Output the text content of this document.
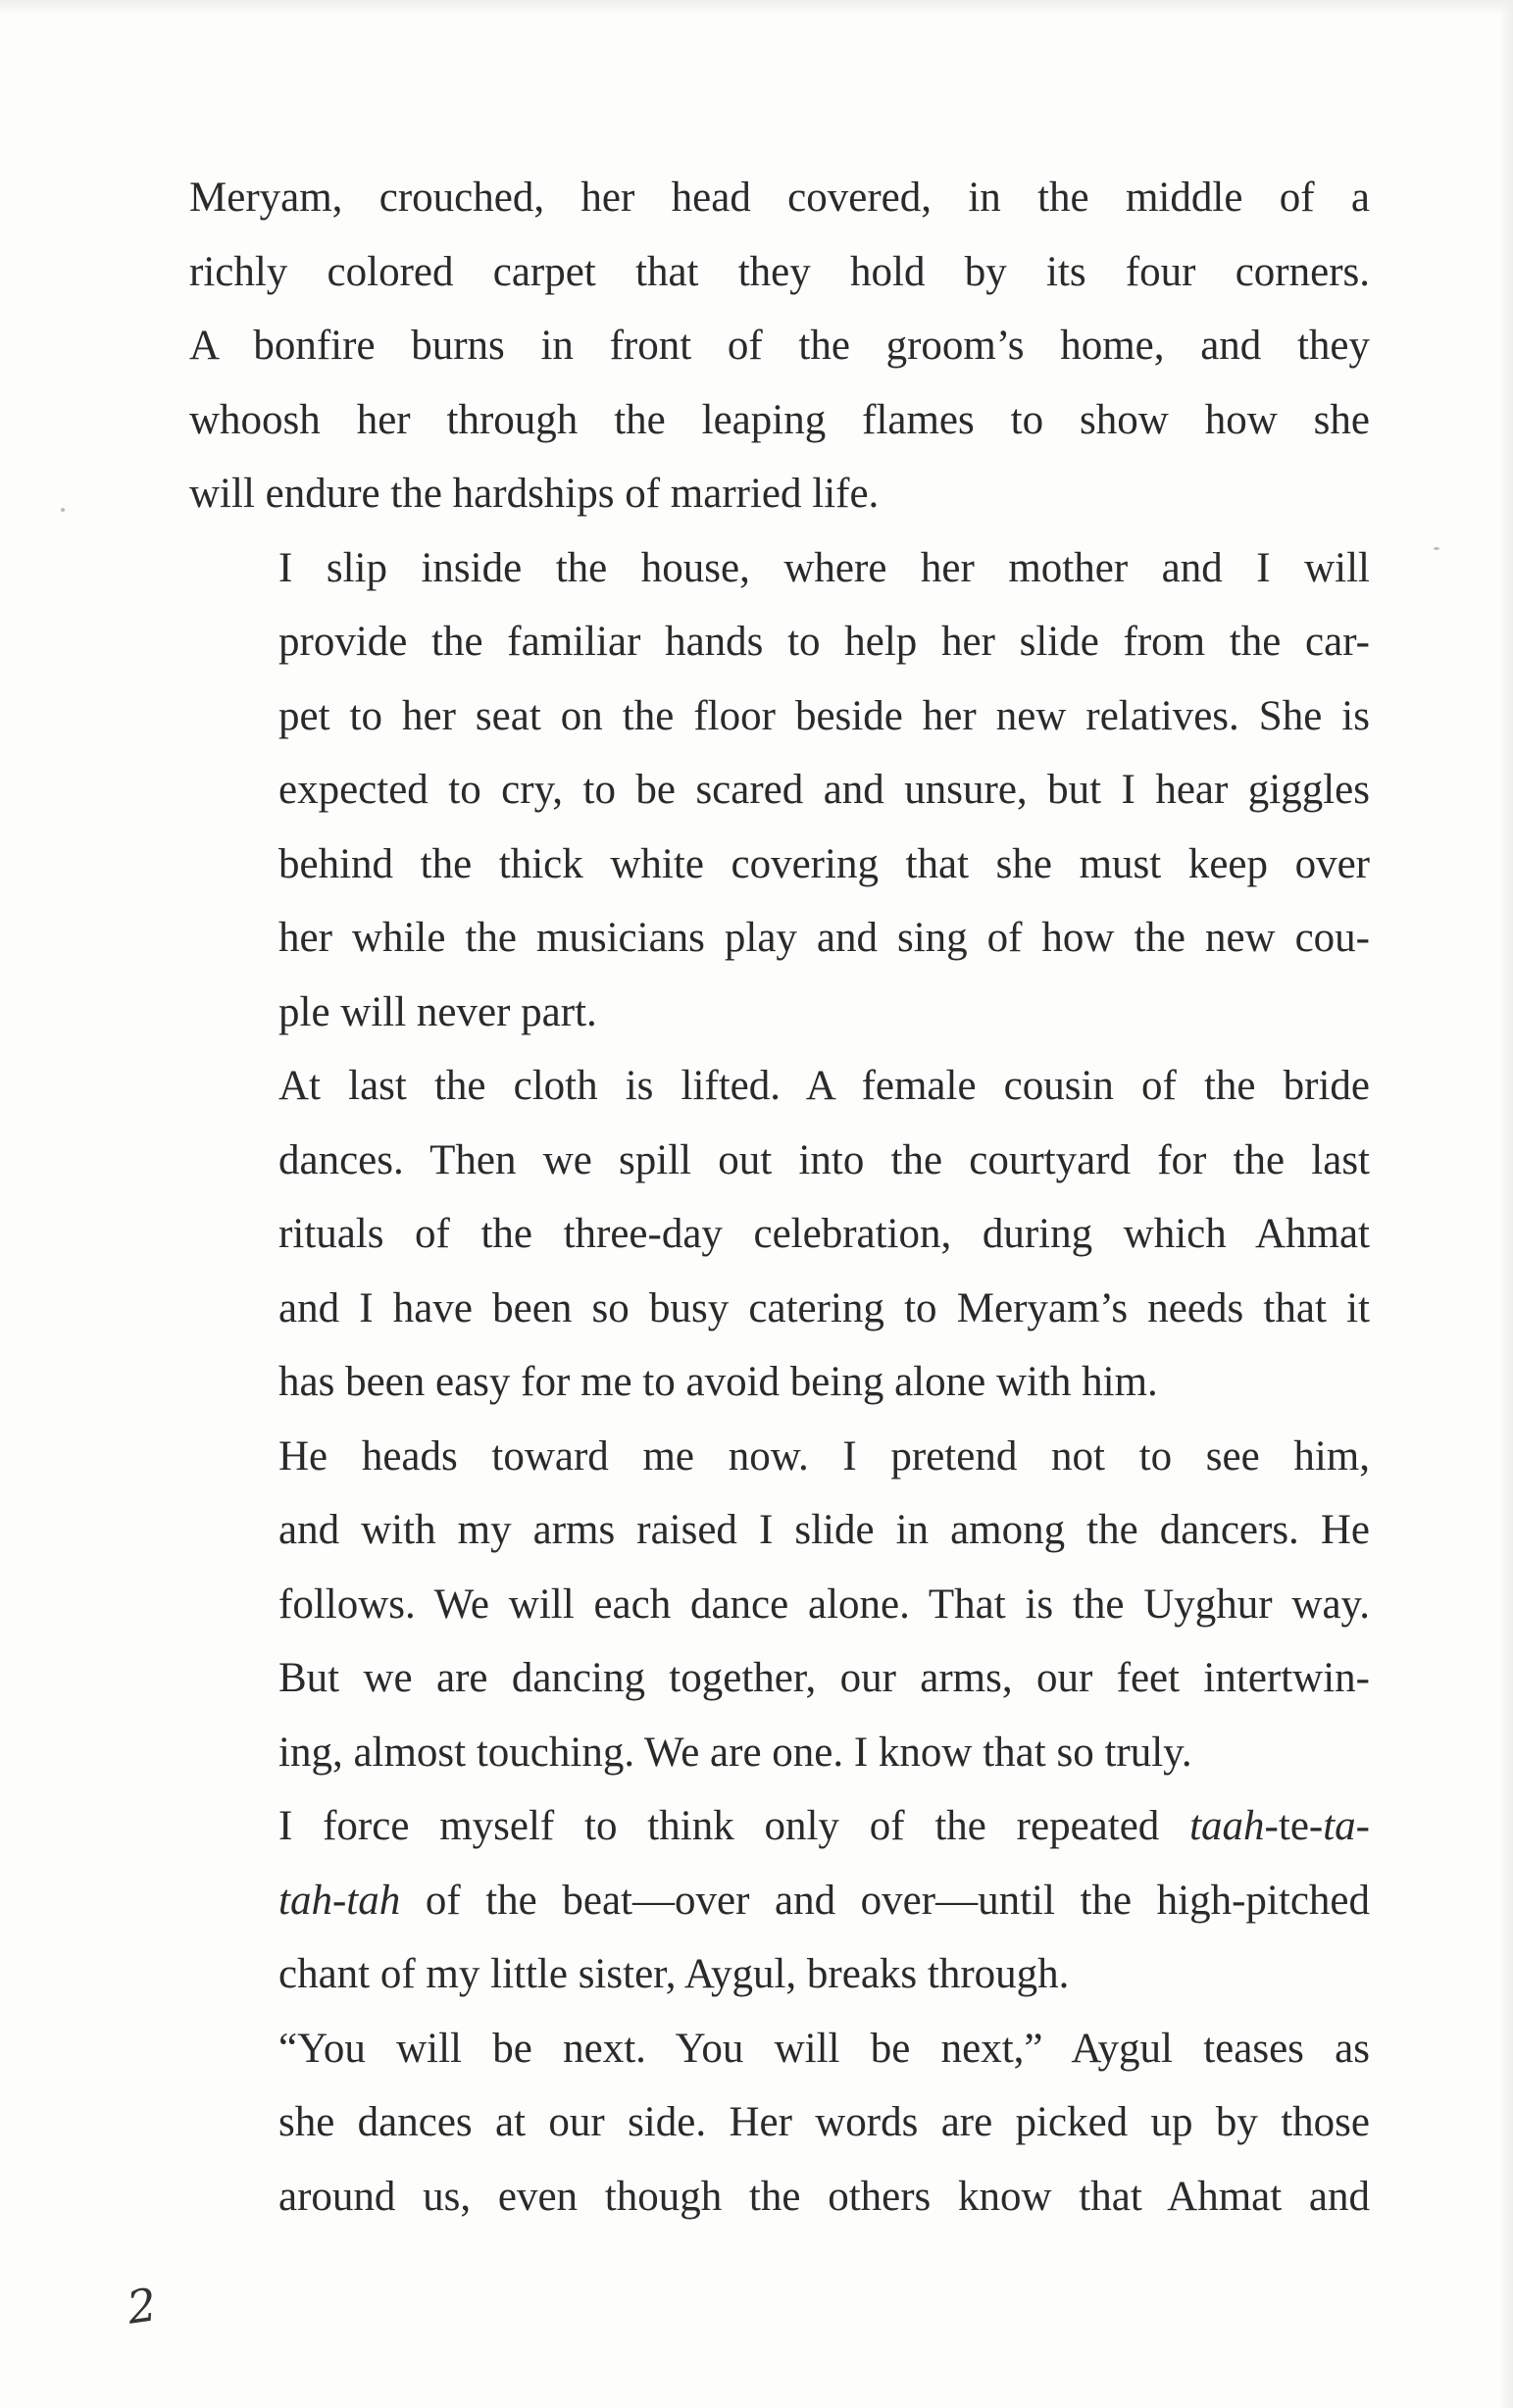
Meryam, crouched, her head covered, in the middle of a
richly colored carpet that they hold by its four corners.
A bonfire burns in front of the groom’s home, and they
whoosh her through the leaping flames to show how she
will endure the hardships of married life.

I slip inside the house, where her mother and I will
provide the familiar hands to help her slide from the car-
pet to her seat on the floor beside her new relatives. She is
expected to cry, to be scared and unsure, but I hear giggles
behind the thick white covering that she must keep over
her while the musicians play and sing of how the new cou-
ple will never part.

At last the cloth is lifted. A female cousin of the bride
dances. Then we spill out into the courtyard for the last
rituals of the three-day celebration, during which Ahmat
and I have been so busy catering to Meryam’s needs that it
has been easy for me to avoid being alone with him.

He heads toward me now. I pretend not to see him,
and with my arms raised I slide in among the dancers. He
follows. We will each dance alone. That is the Uyghur way.
But we are dancing together, our arms, our feet intertwin-
ing, almost touching. We are one. I know that so truly.

I force myself to think only of the repeated taah-te-ta-
tah-tah of the beat—over and over—until the high-pitched
chant of my little sister, Aygul, breaks through.

“You will be next. You will be next,” Aygul teases as
she dances at our side. Her words are picked up by those
around us, even though the others know that Ahmat and

2
